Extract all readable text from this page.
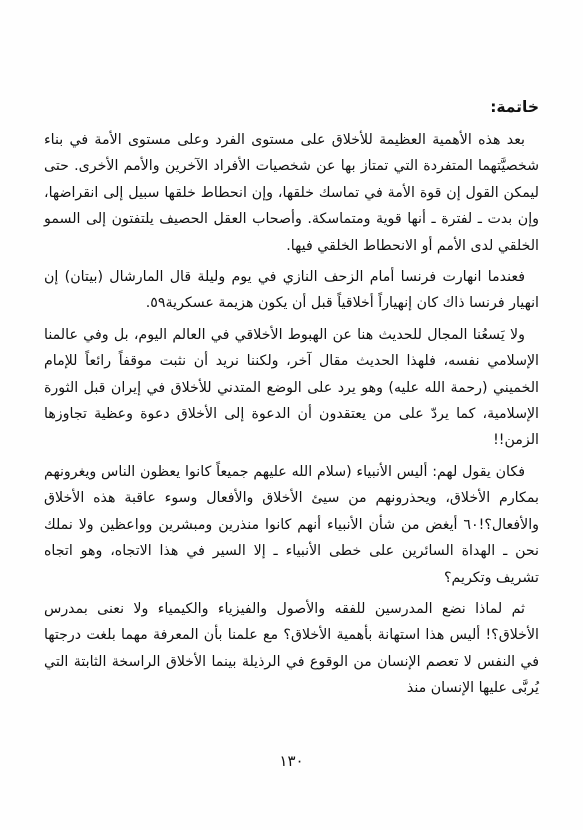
خاتمة:

بعد هذه الأهمية العظيمة للأخلاق على مستوى الفرد وعلى مستوى الأمة في بناء شخصيَّتهما المتفردة التي تمتاز بها عن شخصيات الأفراد الآخرين والأمم الأخرى. حتى ليمكن القول إن قوة الأمة في تماسك خلقها، وإن انحطاط خلقها سبيل إلى انقراضها، وإن بدت ـ لفترة ـ أنها قوية ومتماسكة. وأصحاب العقل الحصيف يلتفتون إلى السمو الخلقي لدى الأمم أو الانحطاط الخلقي فيها.

فعندما انهارت فرنسا أمام الزحف النازي في يوم وليلة قال المارشال (بيتان) إن انهيار فرنسا ذاك كان إنهياراً أخلاقياً قبل أن يكون هزيمة عسكرية٥٩.

ولا يَسعُنا المجال للحديث هنا عن الهبوط الأخلاقي في العالم اليوم، بل وفي عالمنا الإسلامي نفسه، فلهذا الحديث مقال آخر، ولكننا نريد أن نثبت موقفاً رائعاً للإمام الخميني (رحمة الله عليه) وهو يرد على الوضع المتدني للأخلاق في إيران قبل الثورة الإسلامية، كما يردّ على من يعتقدون أن الدعوة إلى الأخلاق دعوة وعظية تجاوزها الزمن!!

فكان يقول لهم: أليس الأنبياء (سلام الله عليهم جميعاً كانوا يعظون الناس ويغرونهم بمكارم الأخلاق، ويحذرونهم من سيئ الأخلاق والأفعال وسوء عاقبة هذه الأخلاق والأفعال؟!٦٠ أيغض من شأن الأنبياء أنهم كانوا منذرين ومبشرين وواعظين ولا نملك نحن ـ الهداة السائرين على خطى الأنبياء ـ إلا السير في هذا الاتجاه، وهو اتجاه تشريف وتكريم؟

ثم لماذا نضع المدرسين للفقه والأصول والفيزياء والكيمياء ولا نعنى بمدرس الأخلاق؟! أليس هذا استهانة بأهمية الأخلاق؟ مع علمنا بأن المعرفة مهما بلغت درجتها في النفس لا تعصم الإنسان من الوقوع في الرذيلة بينما الأخلاق الراسخة الثابتة التي يُربَّى عليها الإنسان منذ

١٣٠
